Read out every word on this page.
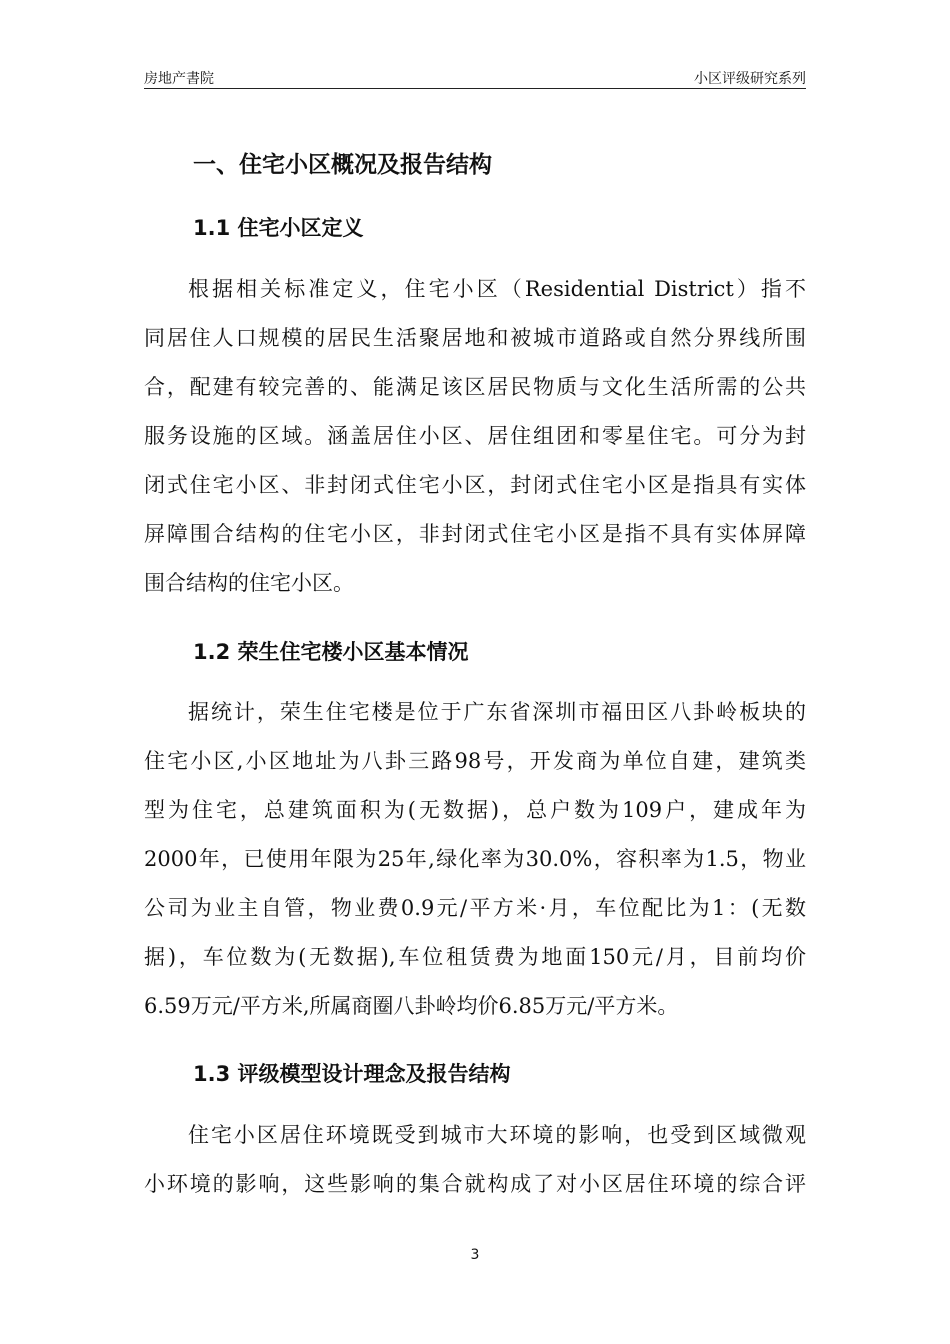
房地产書院	小区评级研究系列
一、住宅小区概况及报告结构
1.1 住宅小区定义
根据相关标准定义，住宅小区（Residential District）指不
同居住人口规模的居民生活聚居地和被城市道路或自然分界线所围
合，配建有较完善的、能满足该区居民物质与文化生活所需的公共
服务设施的区域。涵盖居住小区、居住组团和零星住宅。可分为封
闭式住宅小区、非封闭式住宅小区，封闭式住宅小区是指具有实体
屏障围合结构的住宅小区，非封闭式住宅小区是指不具有实体屏障
围合结构的住宅小区。
1.2 荣生住宅楼小区基本情况
据统计，荣生住宅楼是位于广东省深圳市福田区八卦岭板块的
住宅小区,小区地址为八卦三路98号，开发商为单位自建，建筑类
型为住宅，总建筑面积为(无数据)，总户数为109户，建成年为
2000年，已使用年限为25年,绿化率为30.0%，容积率为1.5，物业
公司为业主自管，物业费0.9元/平方米·月，车位配比为1：(无数
据)，车位数为(无数据),车位租赁费为地面150元/月，目前均价
6.59万元/平方米,所属商圈八卦岭均价6.85万元/平方米。
1.3 评级模型设计理念及报告结构
住宅小区居住环境既受到城市大环境的影响，也受到区域微观
小环境的影响，这些影响的集合就构成了对小区居住环境的综合评
3
